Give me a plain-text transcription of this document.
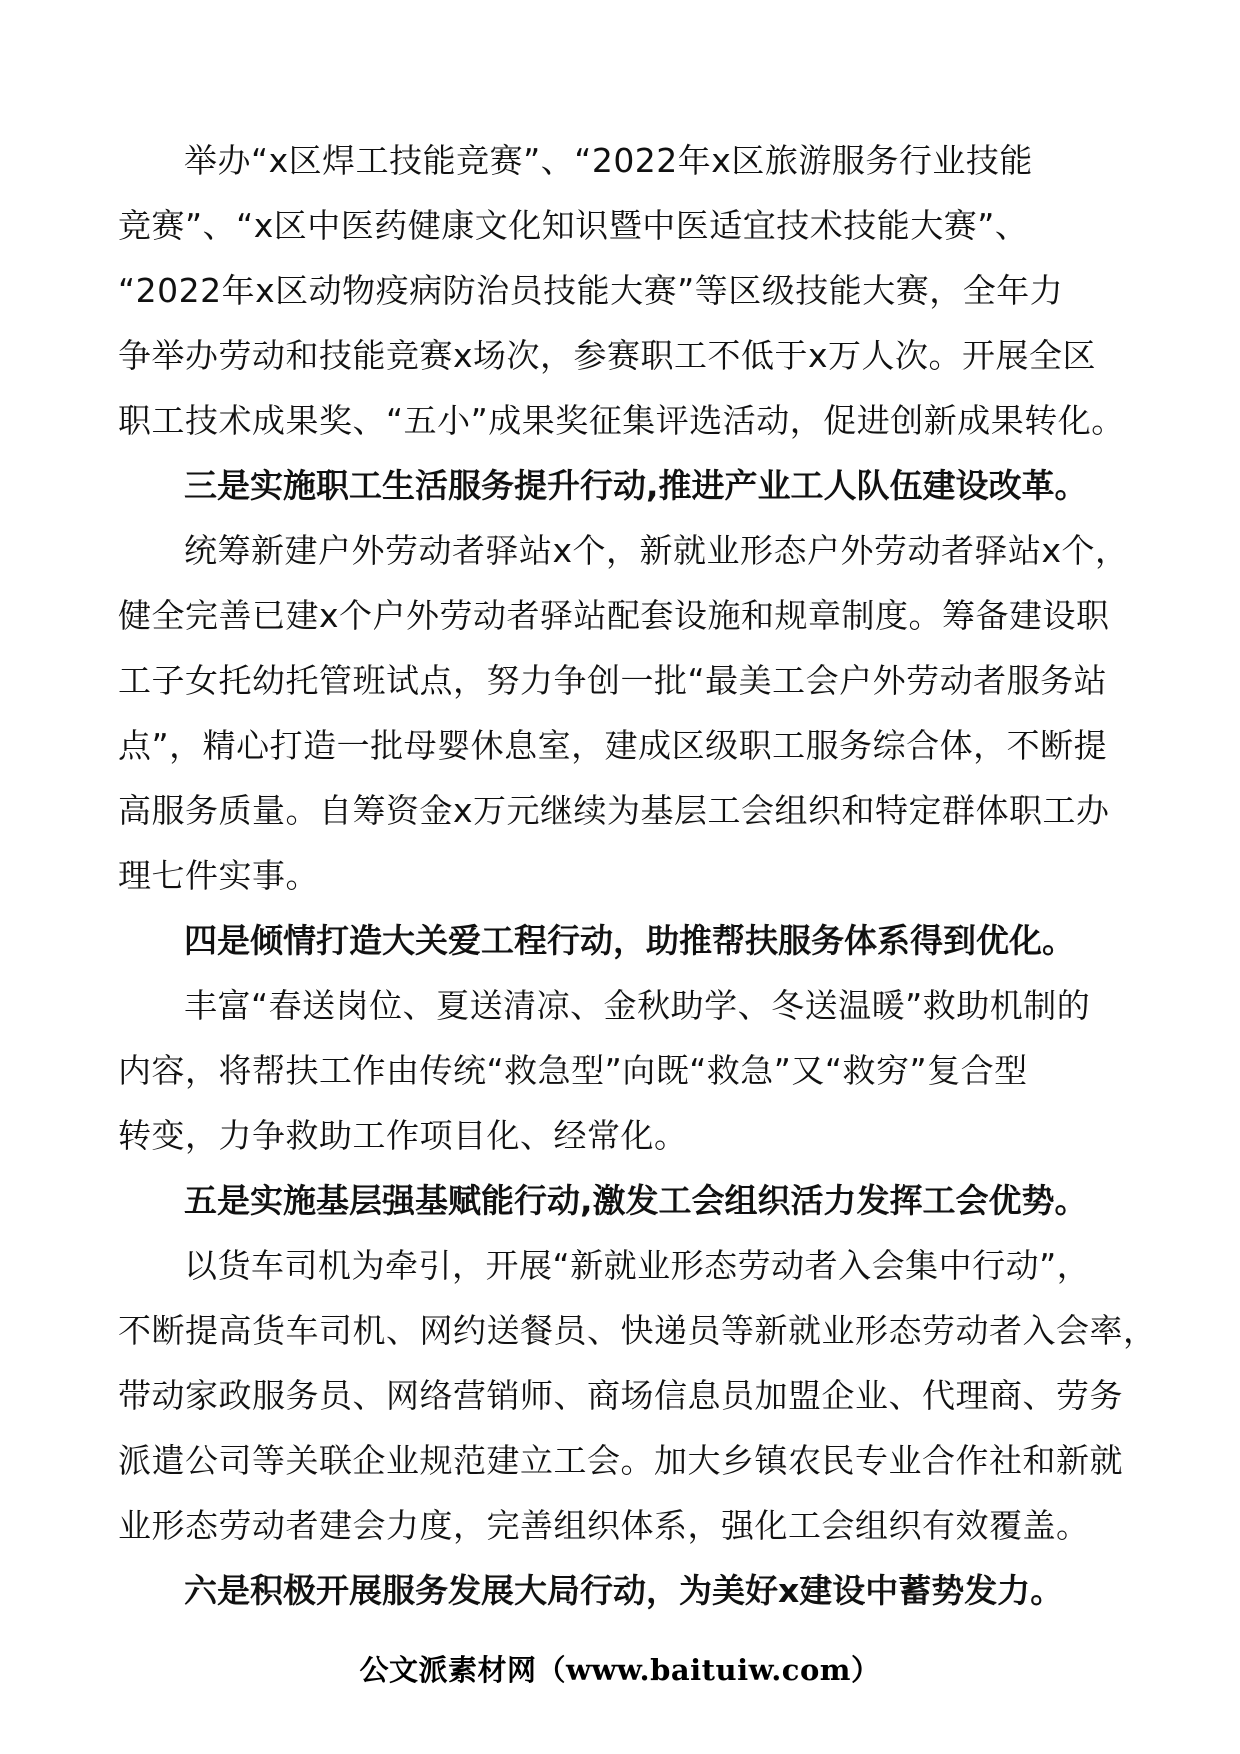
举办“x区焊工技能竞赛”、“2022年x区旅游服务行业技能
竞赛”、“x区中医药健康文化知识暨中医适宜技术技能大赛”、
“2022年x区动物疫病防治员技能大赛”等区级技能大赛，全年力
争举办劳动和技能竞赛x场次，参赛职工不低于x万人次。开展全区
职工技术成果奖、“五小”成果奖征集评选活动，促进创新成果转化。
三是实施职工生活服务提升行动,推进产业工人队伍建设改革。
统筹新建户外劳动者驿站x个，新就业形态户外劳动者驿站x个，
健全完善已建x个户外劳动者驿站配套设施和规章制度。筹备建设职
工子女托幼托管班试点，努力争创一批“最美工会户外劳动者服务站
点”，精心打造一批母婴休息室，建成区级职工服务综合体，不断提
高服务质量。自筹资金x万元继续为基层工会组织和特定群体职工办
理七件实事。
四是倾情打造大关爱工程行动，助推帮扶服务体系得到优化。
丰富“春送岗位、夏送清凉、金秋助学、冬送温暖”救助机制的
内容，将帮扶工作由传统“救急型”向既“救急”又“救穷”复合型
转变，力争救助工作项目化、经常化。
五是实施基层强基赋能行动,激发工会组织活力发挥工会优势。
以货车司机为牵引，开展“新就业形态劳动者入会集中行动”，
不断提高货车司机、网约送餐员、快递员等新就业形态劳动者入会率，
带动家政服务员、网络营销师、商场信息员加盟企业、代理商、劳务
派遣公司等关联企业规范建立工会。加大乡镇农民专业合作社和新就
业形态劳动者建会力度，完善组织体系，强化工会组织有效覆盖。
六是积极开展服务发展大局行动，为美好x建设中蓄势发力。
公文派素材网（www.baituiw.com）
